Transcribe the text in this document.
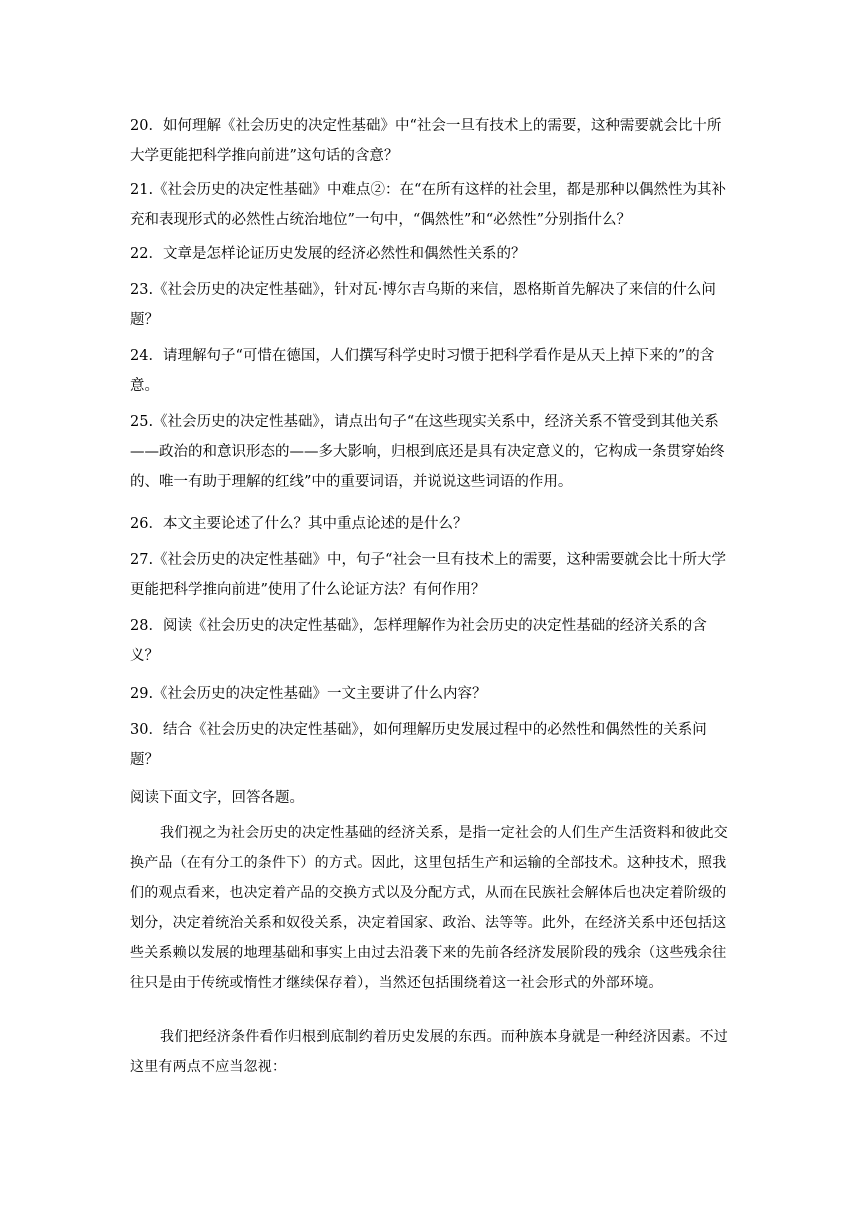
20．如何理解《社会历史的决定性基础》中“社会一旦有技术上的需要，这种需要就会比十所大学更能把科学推向前进”这句话的含意？

21.《社会历史的决定性基础》中难点②：在“在所有这样的社会里，都是那种以偶然性为其补充和表现形式的必然性占统治地位”一句中，“偶然性”和“必然性”分别指什么？

22．文章是怎样论证历史发展的经济必然性和偶然性关系的？

23.《社会历史的决定性基础》，针对瓦·博尔吉乌斯的来信，恩格斯首先解决了来信的什么问题？

24．请理解句子“可惜在德国，人们撰写科学史时习惯于把科学看作是从天上掉下来的”的含意。

25.《社会历史的决定性基础》，请点出句子“在这些现实关系中，经济关系不管受到其他关系——政治的和意识形态的——多大影响，归根到底还是具有决定意义的，它构成一条贯穿始终的、唯一有助于理解的红线”中的重要词语，并说说这些词语的作用。

26．本文主要论述了什么？其中重点论述的是什么？

27.《社会历史的决定性基础》中，句子“社会一旦有技术上的需要，这种需要就会比十所大学更能把科学推向前进”使用了什么论证方法？有何作用？

28．阅读《社会历史的决定性基础》，怎样理解作为社会历史的决定性基础的经济关系的含义？

29.《社会历史的决定性基础》一文主要讲了什么内容？

30．结合《社会历史的决定性基础》，如何理解历史发展过程中的必然性和偶然性的关系问题？

阅读下面文字，回答各题。

我们视之为社会历史的决定性基础的经济关系，是指一定社会的人们生产生活资料和彼此交换产品（在有分工的条件下）的方式。因此，这里包括生产和运输的全部技术。这种技术，照我们的观点看来，也决定着产品的交换方式以及分配方式，从而在民族社会解体后也决定着阶级的划分，决定着统治关系和奴役关系，决定着国家、政治、法等等。此外，在经济关系中还包括这些关系赖以发展的地理基础和事实上由过去沿袭下来的先前各经济发展阶段的残余（这些残余往往只是由于传统或惰性才继续保存着），当然还包括围绕着这一社会形式的外部环境。

我们把经济条件看作归根到底制约着历史发展的东西。而种族本身就是一种经济因素。不过这里有两点不应当忽视：
